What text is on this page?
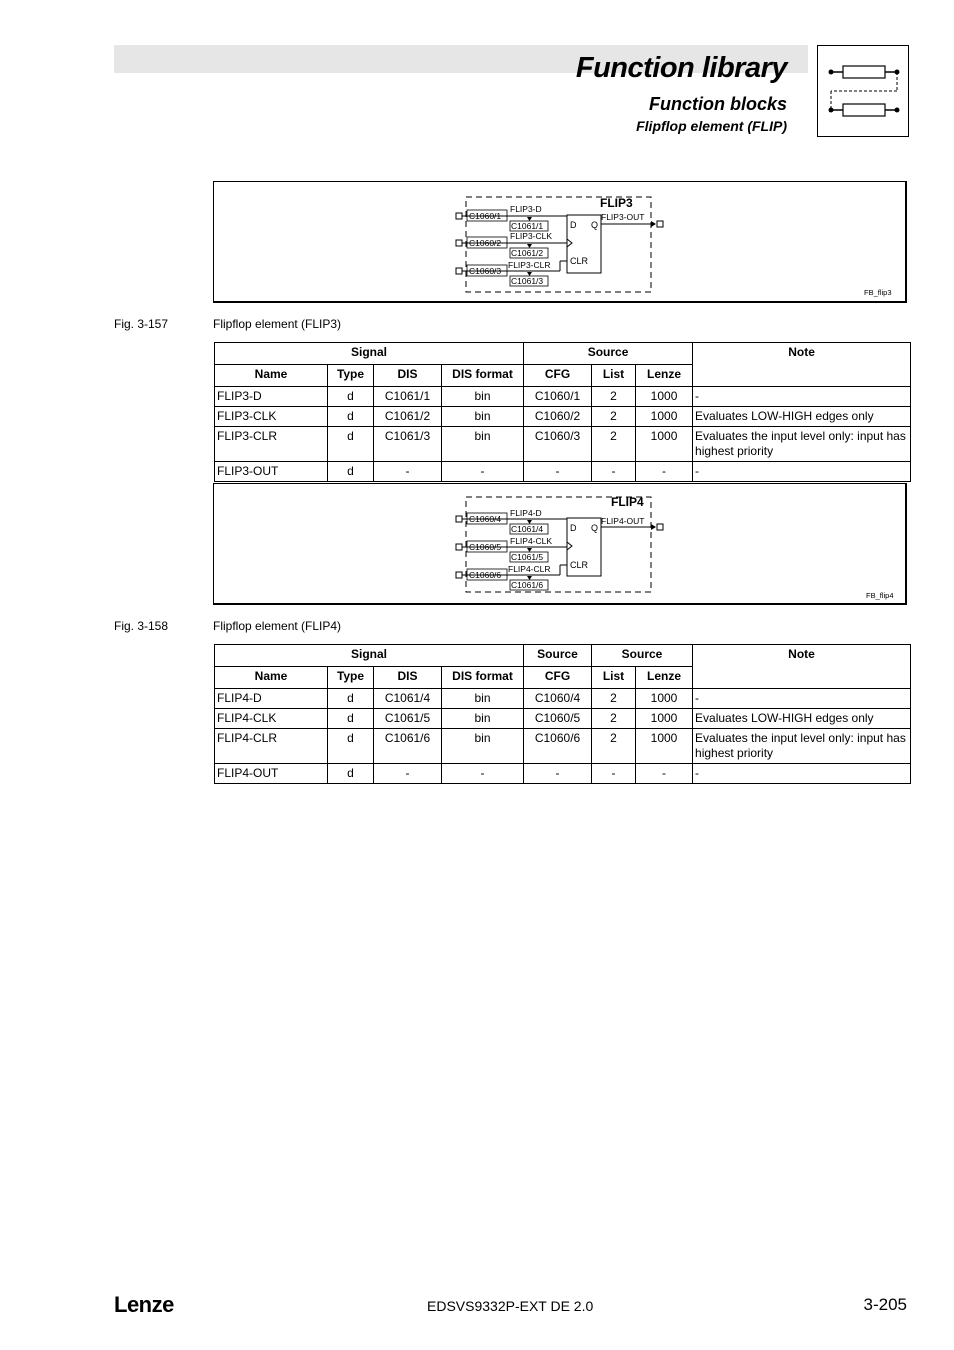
Function library
Function blocks
Flipflop element (FLIP)
FLIP3
D Q
CLR
C1060/1
FLIP3-D
C1061/1
C1060/2
FLIP3-CLK
C1061/2
C1060/3
FLIP3-CLR
C1061/3
FLIP3-OUT
FB_flip3
Fig. 3-157	Flipflop element (FLIP3)
Signal				Source			Note
Name	Type	DIS	DIS format	CFG	List	Lenze	
FLIP3-D	d	C1061/1	bin	C1060/1	2	1000	-
FLIP3-CLK	d	C1061/2	bin	C1060/2	2	1000	Evaluates LOW-HIGH edges only
FLIP3-CLR	d	C1061/3	bin	C1060/3	2	1000	Evaluates the input level only: input has highest priority
FLIP3-OUT	d	-	-	-	-	-	-
FLIP4
D Q
CLR
C1060/4
FLIP4-D
C1061/4
C1060/5
FLIP4-CLK
C1061/5
C1060/6
FLIP4-CLR
C1061/6
FLIP4-OUT
FB_flip4
Fig. 3-158	Flipflop element (FLIP4)
Signal				Source	Source		Note
Name	Type	DIS	DIS format	CFG	List	Lenze	
FLIP4-D	d	C1061/4	bin	C1060/4	2	1000	-
FLIP4-CLK	d	C1061/5	bin	C1060/5	2	1000	Evaluates LOW-HIGH edges only
FLIP4-CLR	d	C1061/6	bin	C1060/6	2	1000	Evaluates the input level only: input has highest priority
FLIP4-OUT	d	-	-	-	-	-	-
Lenze	EDSVS9332P-EXT DE 2.0	3-205
